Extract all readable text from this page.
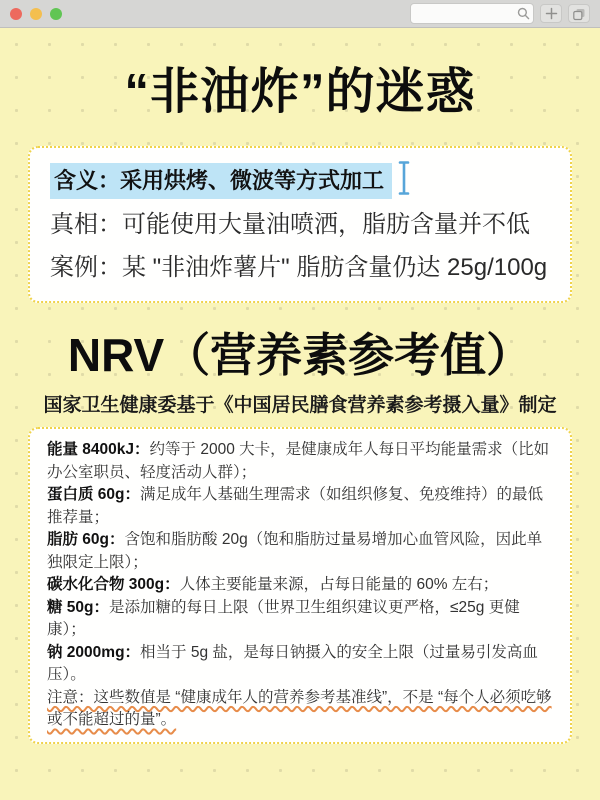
“非油炸”的迷惑
含义：采用烘烤、微波等方式加工

真相：可能使用大量油喷洒，脂肪含量并不低

案例：某 "非油炸薯片" 脂肪含量仍达 25g/100g

NRV（营养素参考值）
国家卫生健康委基于《中国居民膳食营养素参考摄入量》制定

能量 8400kJ：约等于 2000 大卡，是健康成年人每日平均能量需求（比如办公室职员、轻度活动人群）；

蛋白质 60g：满足成年人基础生理需求（如组织修复、免疫维持）的最低推荐量；

脂肪 60g：含饱和脂肪酸 20g（饱和脂肪过量易增加心血管风险，因此单独限定上限）；

碳水化合物 300g：人体主要能量来源，占每日能量的 60% 左右；

糖 50g：是添加糖的每日上限（世界卫生组织建议更严格，≤25g 更健康）；

钠 2000mg：相当于 5g 盐，是每日钠摄入的安全上限（过量易引发高血压）。

注意：这些数值是 “健康成年人的营养参考基准线”，不是 “每个人必须吃够或不能超过的量”。
